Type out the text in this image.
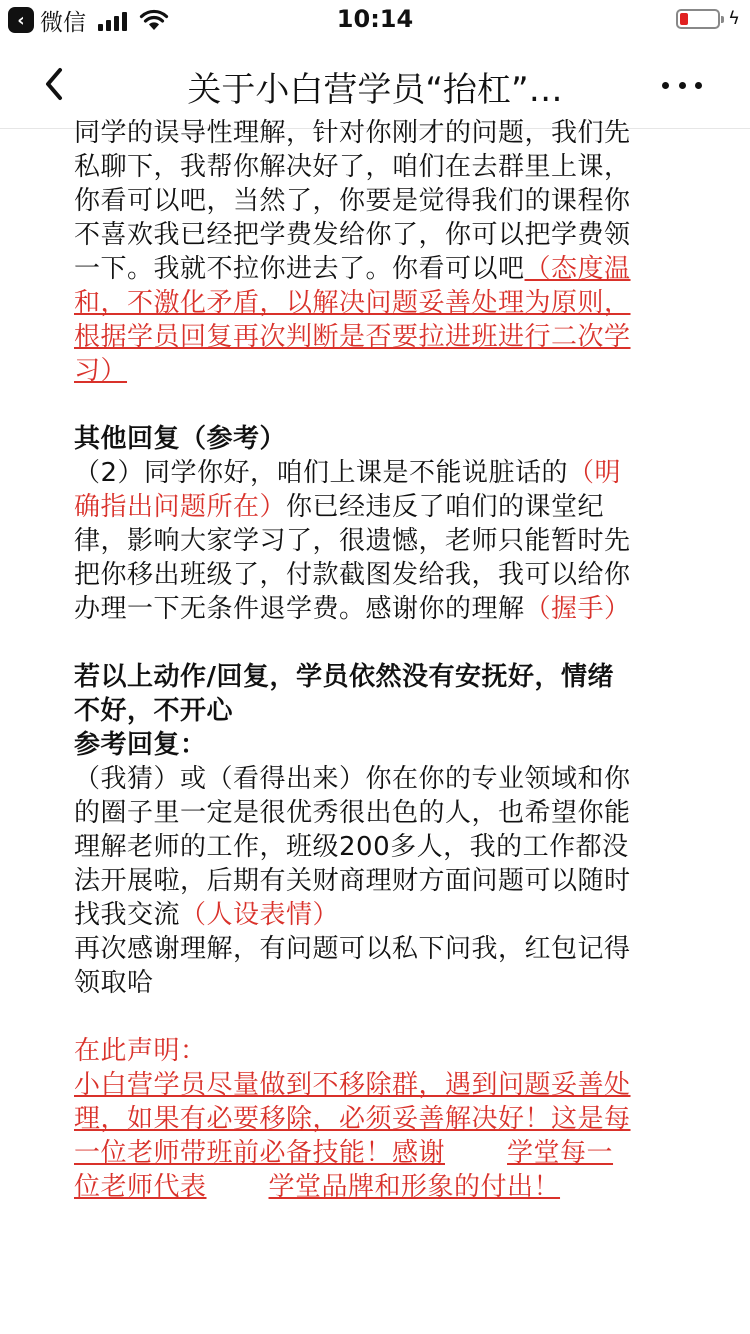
‹ 微信	10:14	ϟ
关于小白营学员“抬杠”…

同学的误导性理解，针对你刚才的问题，我们先私聊下，我帮你解决好了，咱们在去群里上课，你看可以吧，当然了，你要是觉得我们的课程你不喜欢我已经把学费发给你了，你可以把学费领一下。我就不拉你进去了。你看可以吧（态度温和，不激化矛盾，以解决问题妥善处理为原则，根据学员回复再次判断是否要拉进班进行二次学习）

其他回复（参考）

（2）同学你好，咱们上课是不能说脏话的（明确指出问题所在）你已经违反了咱们的课堂纪律，影响大家学习了，很遗憾，老师只能暂时先把你移出班级了，付款截图发给我，我可以给你办理一下无条件退学费。感谢你的理解（握手）

若以上动作/回复，学员依然没有安抚好，情绪不好，不开心

参考回复：

（我猜）或（看得出来）你在你的专业领域和你的圈子里一定是很优秀很出色的人，也希望你能理解老师的工作，班级200多人，我的工作都没法开展啦，后期有关财商理财方面问题可以随时找我交流（人设表情）

再次感谢理解，有问题可以私下问我，红包记得领取哈

在此声明：

小白营学员尽量做到不移除群，遇到问题妥善处理，如果有必要移除，必须妥善解决好！这是每一位老师带班前必备技能！感谢 学堂每一位老师代表 学堂品牌和形象的付出！
